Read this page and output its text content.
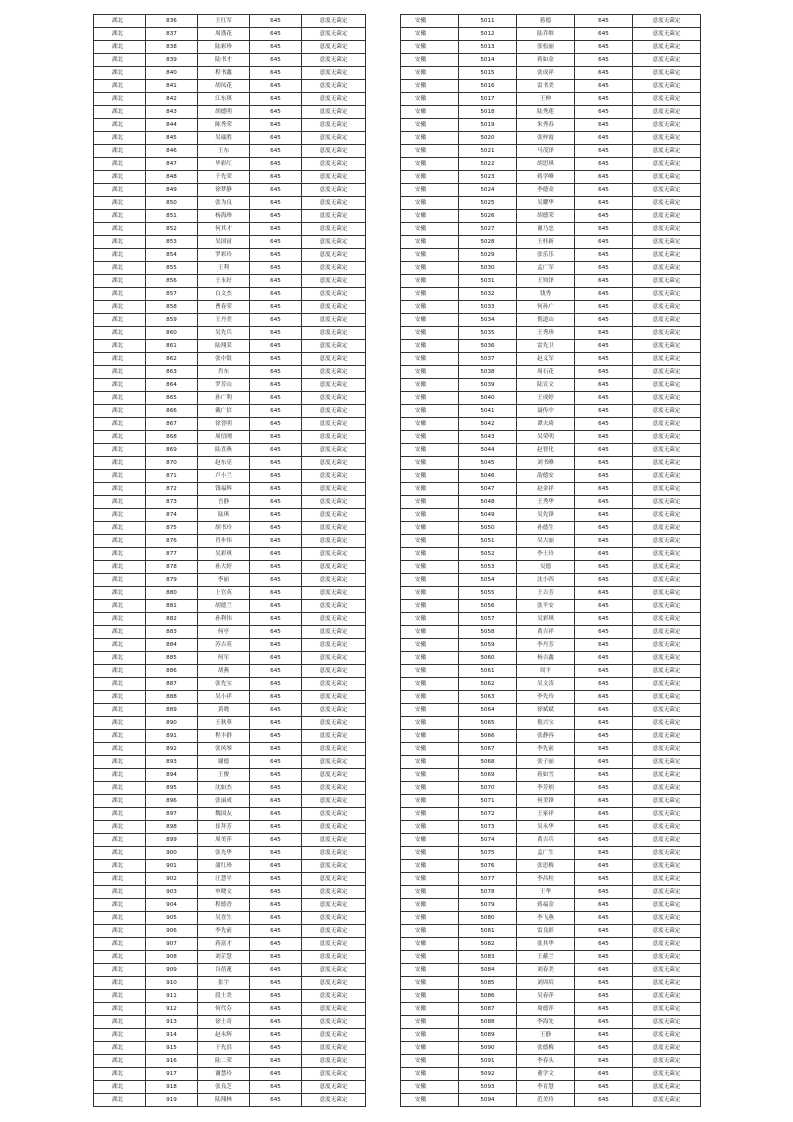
湖北	836	王红军	645	意度无菌定
湖北	837	周漢花	645	意度无菌定
湖北	838	陆彩珍	645	意度无菌定
湖北	839	陆书才	645	意度无菌定
湖北	840	程书鑫	645	意度无菌定
湖北	841	胡凤花	645	意度无菌定
湖北	842	江东琪	645	意度无菌定
湖北	843	胡德明	645	意度无菌定
湖北	844	陈秀荣	645	意度无菌定
湖北	845	吴瑞胜	645	意度无菌定
湖北	846	王东	645	意度无菌定
湖北	847	毕彩红	645	意度无菌定
湖北	848	于先荣	645	意度无菌定
湖北	849	徐梦静	645	意度无菌定
湖北	850	张为良	645	意度无菌定
湖北	851	杨海珍	645	意度无菌定
湖北	852	何其才	645	意度无菌定
湖北	853	吴国富	645	意度无菌定
湖北	854	罗彩玲	645	意度无菌定
湖北	855	王利	645	意度无菌定
湖北	856	王永好	645	意度无菌定
湖北	857	白文杰	645	意度无菌定
湖北	858	曹春荣	645	意度无菌定
湖北	859	王丹美	645	意度无菌定
湖北	860	吴先兵	645	意度无菌定
湖北	861	陆翔采	645	意度无菌定
湖北	862	张中银	645	意度无菌定
湖北	863	肖东	645	意度无菌定
湖北	864	罗芳山	645	意度无菌定
湖北	865	孙广利	645	意度无菌定
湖北	866	戴广信	645	意度无菌定
湖北	867	徐晋明	645	意度无菌定
湖北	868	周信刚	645	意度无菌定
湖北	869	陆喜燕	645	意度无菌定
湖北	870	赵东亮	645	意度无菌定
湖北	871	卢小兰	645	意度无菌定
湖北	872	钱福辉	645	意度无菌定
湖北	873	吾静	645	意度无菌定
湖北	874	陆琪	645	意度无菌定
湖北	875	胡书玲	645	意度无菌定
湖北	876	肖步伟	645	意度无菌定
湖北	877	吴彩琪	645	意度无菌定
湖北	878	孙大婷	645	意度无菌定
湖北	879	李丽	645	意度无菌定
湖北	880	上官英	645	意度无菌定
湖北	881	胡德兰	645	意度无菌定
湖北	882	孙利伟	645	意度无菌定
湖北	883	何亭	645	意度无菌定
湖北	884	苏吉英	645	意度无菌定
湖北	885	何军	645	意度无菌定
湖北	886	胡燕	645	意度无菌定
湖北	887	张先宝	645	意度无菌定
湖北	888	吴小祥	645	意度无菌定
湖北	889	黄晓	645	意度无菌定
湖北	890	王秋華	645	意度无菌定
湖北	891	程丰群	645	意度无菌定
湖北	892	张风琴	645	意度无菌定
湖北	893	谢德	645	意度无菌定
湖北	894	王俊	645	意度无菌定
湖北	895	沈如杰	645	意度无菌定
湖北	896	张丽成	645	意度无菌定
湖北	897	魏国友	645	意度无菌定
湖北	898	崔拜芳	645	意度无菌定
湖北	899	周美萍	645	意度无菌定
湖北	900	张光华	645	意度无菌定
湖北	901	蒲红珍	645	意度无菌定
湖北	902	汪慧平	645	意度无菌定
湖北	903	申晓文	645	意度无菌定
湖北	904	程德香	645	意度无菌定
湖北	905	吴喜生	645	意度无菌定
湖北	906	李先前	645	意度无菌定
湖北	907	蒋富才	645	意度无菌定
湖北	908	刘芷慧	645	意度无菌定
湖北	909	谷蓓蓮	645	意度无菌定
湖北	910	张宇	645	意度无菌定
湖北	911	段士美	645	意度无菌定
湖北	912	何代芬	645	意度无菌定
湖北	913	徐士奇	645	意度无菌定
湖北	914	赵永辉	645	意度无菌定
湖北	915	于先洪	645	意度无菌定
湖北	916	陆二荣	645	意度无菌定
湖北	917	谢慧玲	645	意度无菌定
湖北	918	张良芝	645	意度无菌定
湖北	919	陆翔林	645	意度无菌定
安徽	5011	蒋德	645	意度无菌定
安徽	5012	陆乔维	645	意度无菌定
安徽	5013	张松丽	645	意度无菌定
安徽	5014	蒋如金	645	意度无菌定
安徽	5015	张成祥	645	意度无菌定
安徽	5016	雷书美	645	意度无菌定
安徽	5017	王伸	645	意度无菌定
安徽	5018	陆秀莲	645	意度无菌定
安徽	5019	朱秀春	645	意度无菌定
安徽	5020	张梓霞	645	意度无菌定
安徽	5021	马茂泽	645	意度无菌定
安徽	5022	胡思琪	645	意度无菌定
安徽	5023	蒋学峰	645	意度无菌定
安徽	5024	李德金	645	意度无菌定
安徽	5025	吴耀华	645	意度无菌定
安徽	5026	胡德荣	645	意度无菌定
安徽	5027	谢乃忠	645	意度无菌定
安徽	5028	王桂新	645	意度无菌定
安徽	5029	张乐乐	645	意度无菌定
安徽	5030	孟广军	645	意度无菌定
安徽	5031	王钧泽	645	意度无菌定
安徽	5032	钱秀	645	意度无菌定
安徽	5033	何孙广	645	意度无菌定
安徽	5034	倪道山	645	意度无菌定
安徽	5035	王秀珍	645	意度无菌定
安徽	5036	雷先卫	645	意度无菌定
安徽	5037	赵义军	645	意度无菌定
安徽	5038	周石花	645	意度无菌定
安徽	5039	陆宣文	645	意度无菌定
安徽	5040	王成婷	645	意度无菌定
安徽	5041	聂传中	645	意度无菌定
安徽	5042	谭夫琦	645	意度无菌定
安徽	5043	吴荣明	645	意度无菌定
安徽	5044	赵智化	645	意度无菌定
安徽	5045	刘书峰	645	意度无菌定
安徽	5046	韵德安	645	意度无菌定
安徽	5047	赵金祥	645	意度无菌定
安徽	5048	王秀华	645	意度无菌定
安徽	5049	吴先锋	645	意度无菌定
安徽	5050	孙德生	645	意度无菌定
安徽	5051	吴大丽	645	意度无菌定
安徽	5052	李士玲	645	意度无菌定
安徽	5053	吴德	645	意度无菌定
安徽	5054	沈小四	645	意度无菌定
安徽	5055	王吉芳	645	意度无菌定
安徽	5056	张平安	645	意度无菌定
安徽	5057	吴彩琪	645	意度无菌定
安徽	5058	黄吉祥	645	意度无菌定
安徽	5059	李丹芳	645	意度无菌定
安徽	5060	杨吉鑫	645	意度无菌定
安徽	5061	周平	645	意度无菌定
安徽	5062	吴文涛	645	意度无菌定
安徽	5063	李先玲	645	意度无菌定
安徽	5064	徐斌斌	645	意度无菌定
安徽	5065	倪兴宝	645	意度无菌定
安徽	5066	张静容	645	意度无菌定
安徽	5067	李先前	645	意度无菌定
安徽	5068	张子丽	645	意度无菌定
安徽	5069	蒋如雪	645	意度无菌定
安徽	5070	李芳炳	645	意度无菌定
安徽	5071	何美锋	645	意度无菌定
安徽	5072	王家祥	645	意度无菌定
安徽	5073	吴永华	645	意度无菌定
安徽	5074	黄吉兵	645	意度无菌定
安徽	5075	孟广生	645	意度无菌定
安徽	5076	张思梅	645	意度无菌定
安徽	5077	李昌柱	645	意度无菌定
安徽	5078	王华	645	意度无菌定
安徽	5079	蒋福金	645	意度无菌定
安徽	5080	李飞燕	645	意度无菌定
安徽	5081	雷良彩	645	意度无菌定
安徽	5082	张其华	645	意度无菌定
安徽	5083	王献兰	645	意度无菌定
安徽	5084	刘春美	645	意度无菌定
安徽	5085	刘周培	645	意度无菌定
安徽	5086	吴春萍	645	意度无菌定
安徽	5087	周德萍	645	意度无菌定
安徽	5088	李海先	645	意度无菌定
安徽	5089	王静	645	意度无菌定
安徽	5090	张德梅	645	意度无菌定
安徽	5091	李春头	645	意度无菌定
安徽	5092	董学文	645	意度无菌定
安徽	5093	李育慧	645	意度无菌定
安徽	5094	范美玲	645	意度无菌定
